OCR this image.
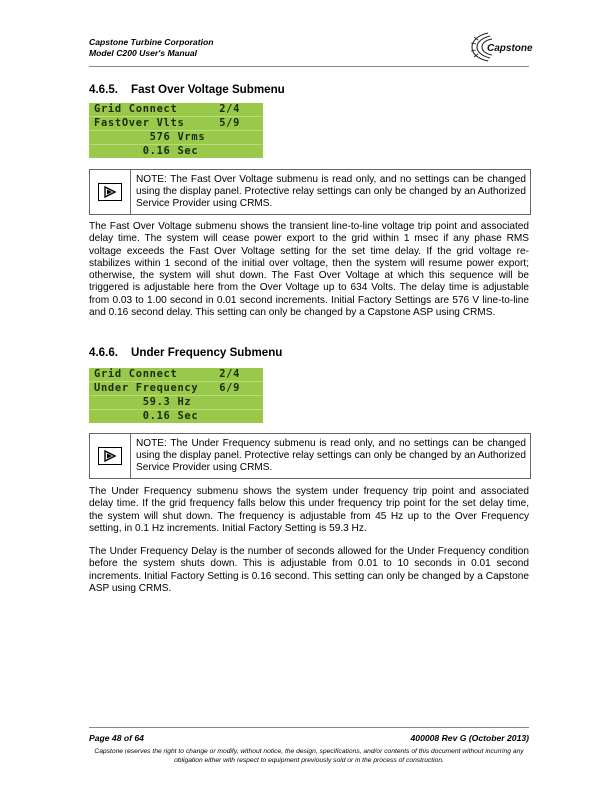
Capstone Turbine Corporation
Model C200 User's Manual	Capstone
4.6.5. Fast Over Voltage Submenu
Grid Connect      2/4
FastOver Vlts     5/9
576 Vrms
0.16 Sec
NOTE: The Fast Over Voltage submenu is read only, and no settings can be changed using the display panel. Protective relay settings can only be changed by an Authorized Service Provider using CRMS.
The Fast Over Voltage submenu shows the transient line-to-line voltage trip point and associated delay time. The system will cease power export to the grid within 1 msec if any phase RMS voltage exceeds the Fast Over Voltage setting for the set time delay. If the grid voltage re-stabilizes within 1 second of the initial over voltage, then the system will resume power export; otherwise, the system will shut down. The Fast Over Voltage at which this sequence will be triggered is adjustable here from the Over Voltage up to 634 Volts. The delay time is adjustable from 0.03 to 1.00 second in 0.01 second increments. Initial Factory Settings are 576 V line-to-line and 0.16 second delay. This setting can only be changed by a Capstone ASP using CRMS.
4.6.6. Under Frequency Submenu
Grid Connect      2/4
Under Frequency   6/9
59.3 Hz
0.16 Sec
NOTE: The Under Frequency submenu is read only, and no settings can be changed using the display panel. Protective relay settings can only be changed by an Authorized Service Provider using CRMS.
The Under Frequency submenu shows the system under frequency trip point and associated delay time. If the grid frequency falls below this under frequency trip point for the set delay time, the system will shut down. The frequency is adjustable from 45 Hz up to the Over Frequency setting, in 0.1 Hz increments. Initial Factory Setting is 59.3 Hz.
The Under Frequency Delay is the number of seconds allowed for the Under Frequency condition before the system shuts down. This is adjustable from 0.01 to 10 seconds in 0.01 second increments. Initial Factory Setting is 0.16 second. This setting can only be changed by a Capstone ASP using CRMS.
Page 48 of 64	400008 Rev G (October 2013)
Capstone reserves the right to change or modify, without notice, the design, specifications, and/or contents of this document without incurring any obligation either with respect to equipment previously sold or in the process of construction.
